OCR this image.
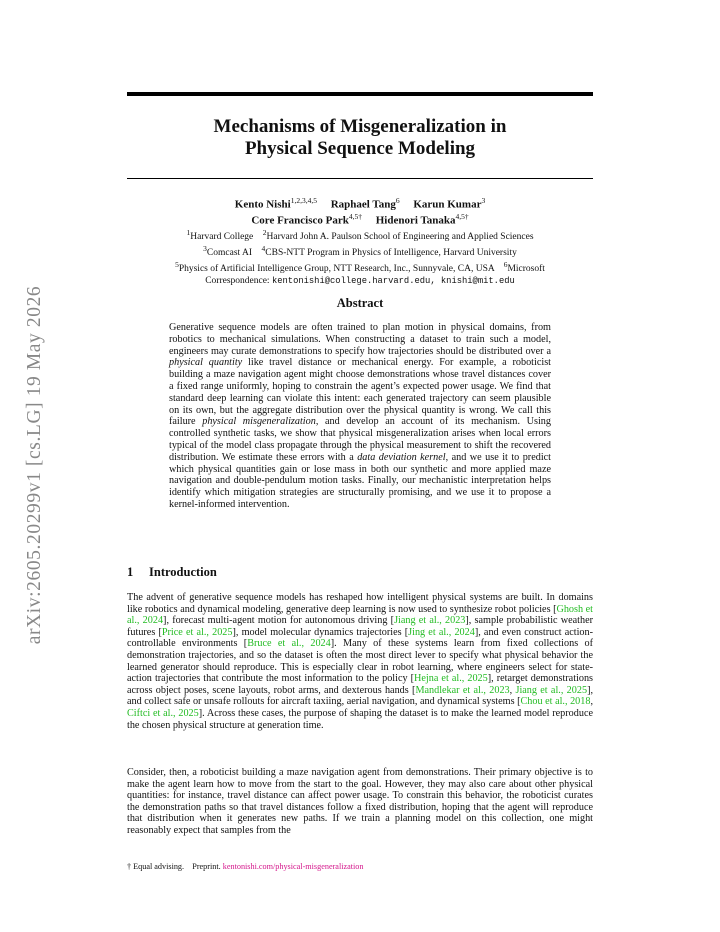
arXiv:2605.20299v1 [cs.LG] 19 May 2026
Mechanisms of Misgeneralization in
Physical Sequence Modeling
Kento Nishi$^{1,2,3,4,5}$ Raphael Tang$^6$ Karun Kumar$^3$
Core Francisco Park$^{4,5\dagger}$ Hidenori Tanaka$^{4,5\dagger}$
$^1$Harvard College $^2$Harvard John A. Paulson School of Engineering and Applied Sciences
$^3$Comcast AI $^4$CBS-NTT Program in Physics of Intelligence, Harvard University
$^5$Physics of Artificial Intelligence Group, NTT Research, Inc., Sunnyvale, CA, USA $^6$Microsoft
Correspondence: kentonishi@college.harvard.edu, knishi@mit.edu
Abstract
Generative sequence models are often trained to plan motion in physical domains, from robotics to mechanical simulations. When constructing a dataset to train such a model, engineers may curate demonstrations to specify how trajectories should be distributed over a physical quantity like travel distance or mechanical energy. For example, a roboticist building a maze navigation agent might choose demonstrations whose travel distances cover a fixed range uniformly, hoping to constrain the agent’s expected power usage. We find that standard deep learning can violate this intent: each generated trajectory can seem plausible on its own, but the aggregate distribution over the physical quantity is wrong. We call this failure physical misgeneralization, and develop an account of its mechanism. Using controlled synthetic tasks, we show that physical misgeneralization arises when local errors typical of the model class propagate through the physical measurement to shift the recovered distribution. We estimate these errors with a data deviation kernel, and we use it to predict which physical quantities gain or lose mass in both our synthetic and more applied maze navigation and double-pendulum motion tasks. Finally, our mechanistic interpretation helps identify which mitigation strategies are structurally promising, and we use it to propose a kernel-informed intervention.
1 Introduction
The advent of generative sequence models has reshaped how intelligent physical systems are built. In domains like robotics and dynamical modeling, generative deep learning is now used to synthesize robot policies [Ghosh et al., 2024], forecast multi-agent motion for autonomous driving [Jiang et al., 2023], sample probabilistic weather futures [Price et al., 2025], model molecular dynamics trajectories [Jing et al., 2024], and even construct action-controllable environments [Bruce et al., 2024]. Many of these systems learn from fixed collections of demonstration trajectories, and so the dataset is often the most direct lever to specify what physical behavior the learned generator should reproduce. This is especially clear in robot learning, where engineers select for state-action trajectories that contribute the most information to the policy [Hejna et al., 2025], retarget demonstrations across object poses, scene layouts, robot arms, and dexterous hands [Mandlekar et al., 2023, Jiang et al., 2025], and collect safe or unsafe rollouts for aircraft taxiing, aerial navigation, and dynamical systems [Chou et al., 2018, Ciftci et al., 2025]. Across these cases, the purpose of shaping the dataset is to make the learned model reproduce the chosen physical structure at generation time.
Consider, then, a roboticist building a maze navigation agent from demonstrations. Their primary objective is to make the agent learn how to move from the start to the goal. However, they may also care about other physical quantities: for instance, travel distance can affect power usage. To constrain this behavior, the roboticist curates the demonstration paths so that travel distances follow a fixed distribution, hoping that the agent will reproduce that distribution when it generates new paths. If we train a planning model on this collection, one might reasonably expect that samples from the
† Equal advising. Preprint. kentonishi.com/physical-misgeneralization
